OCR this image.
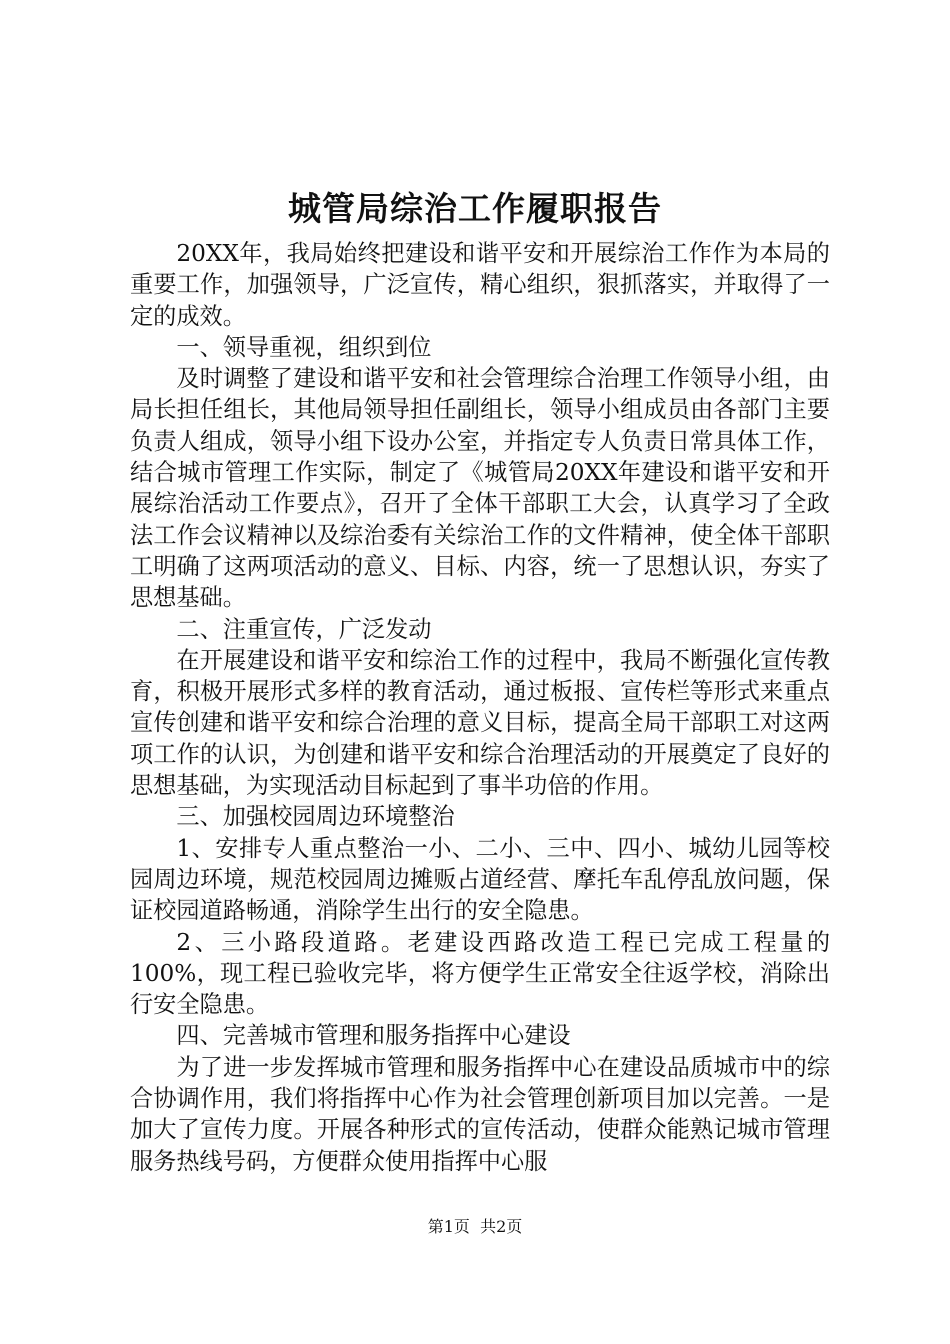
城管局综治工作履职报告

20XX年，我局始终把建设和谐平安和开展综治工作作为本局的重要工作，加强领导，广泛宣传，精心组织，狠抓落实，并取得了一定的成效。

一、领导重视，组织到位

及时调整了建设和谐平安和社会管理综合治理工作领导小组，由局长担任组长，其他局领导担任副组长，领导小组成员由各部门主要负责人组成，领导小组下设办公室，并指定专人负责日常具体工作，结合城市管理工作实际，制定了《城管局20XX年建设和谐平安和开展综治活动工作要点》，召开了全体干部职工大会，认真学习了全政法工作会议精神以及综治委有关综治工作的文件精神，使全体干部职工明确了这两项活动的意义、目标、内容，统一了思想认识，夯实了思想基础。

二、注重宣传，广泛发动

在开展建设和谐平安和综治工作的过程中，我局不断强化宣传教育，积极开展形式多样的教育活动，通过板报、宣传栏等形式来重点宣传创建和谐平安和综合治理的意义目标，提高全局干部职工对这两项工作的认识，为创建和谐平安和综合治理活动的开展奠定了良好的思想基础，为实现活动目标起到了事半功倍的作用。

三、加强校园周边环境整治

1、安排专人重点整治一小、二小、三中、四小、城幼儿园等校园周边环境，规范校园周边摊贩占道经营、摩托车乱停乱放问题，保证校园道路畅通，消除学生出行的安全隐患。

2、三小路段道路。老建设西路改造工程已完成工程量的100%，现工程已验收完毕，将方便学生正常安全往返学校，消除出行安全隐患。

四、完善城市管理和服务指挥中心建设

为了进一步发挥城市管理和服务指挥中心在建设品质城市中的综合协调作用，我们将指挥中心作为社会管理创新项目加以完善。一是加大了宣传力度。开展各种形式的宣传活动，使群众能熟记城市管理服务热线号码，方便群众使用指挥中心服

第1页  共2页
